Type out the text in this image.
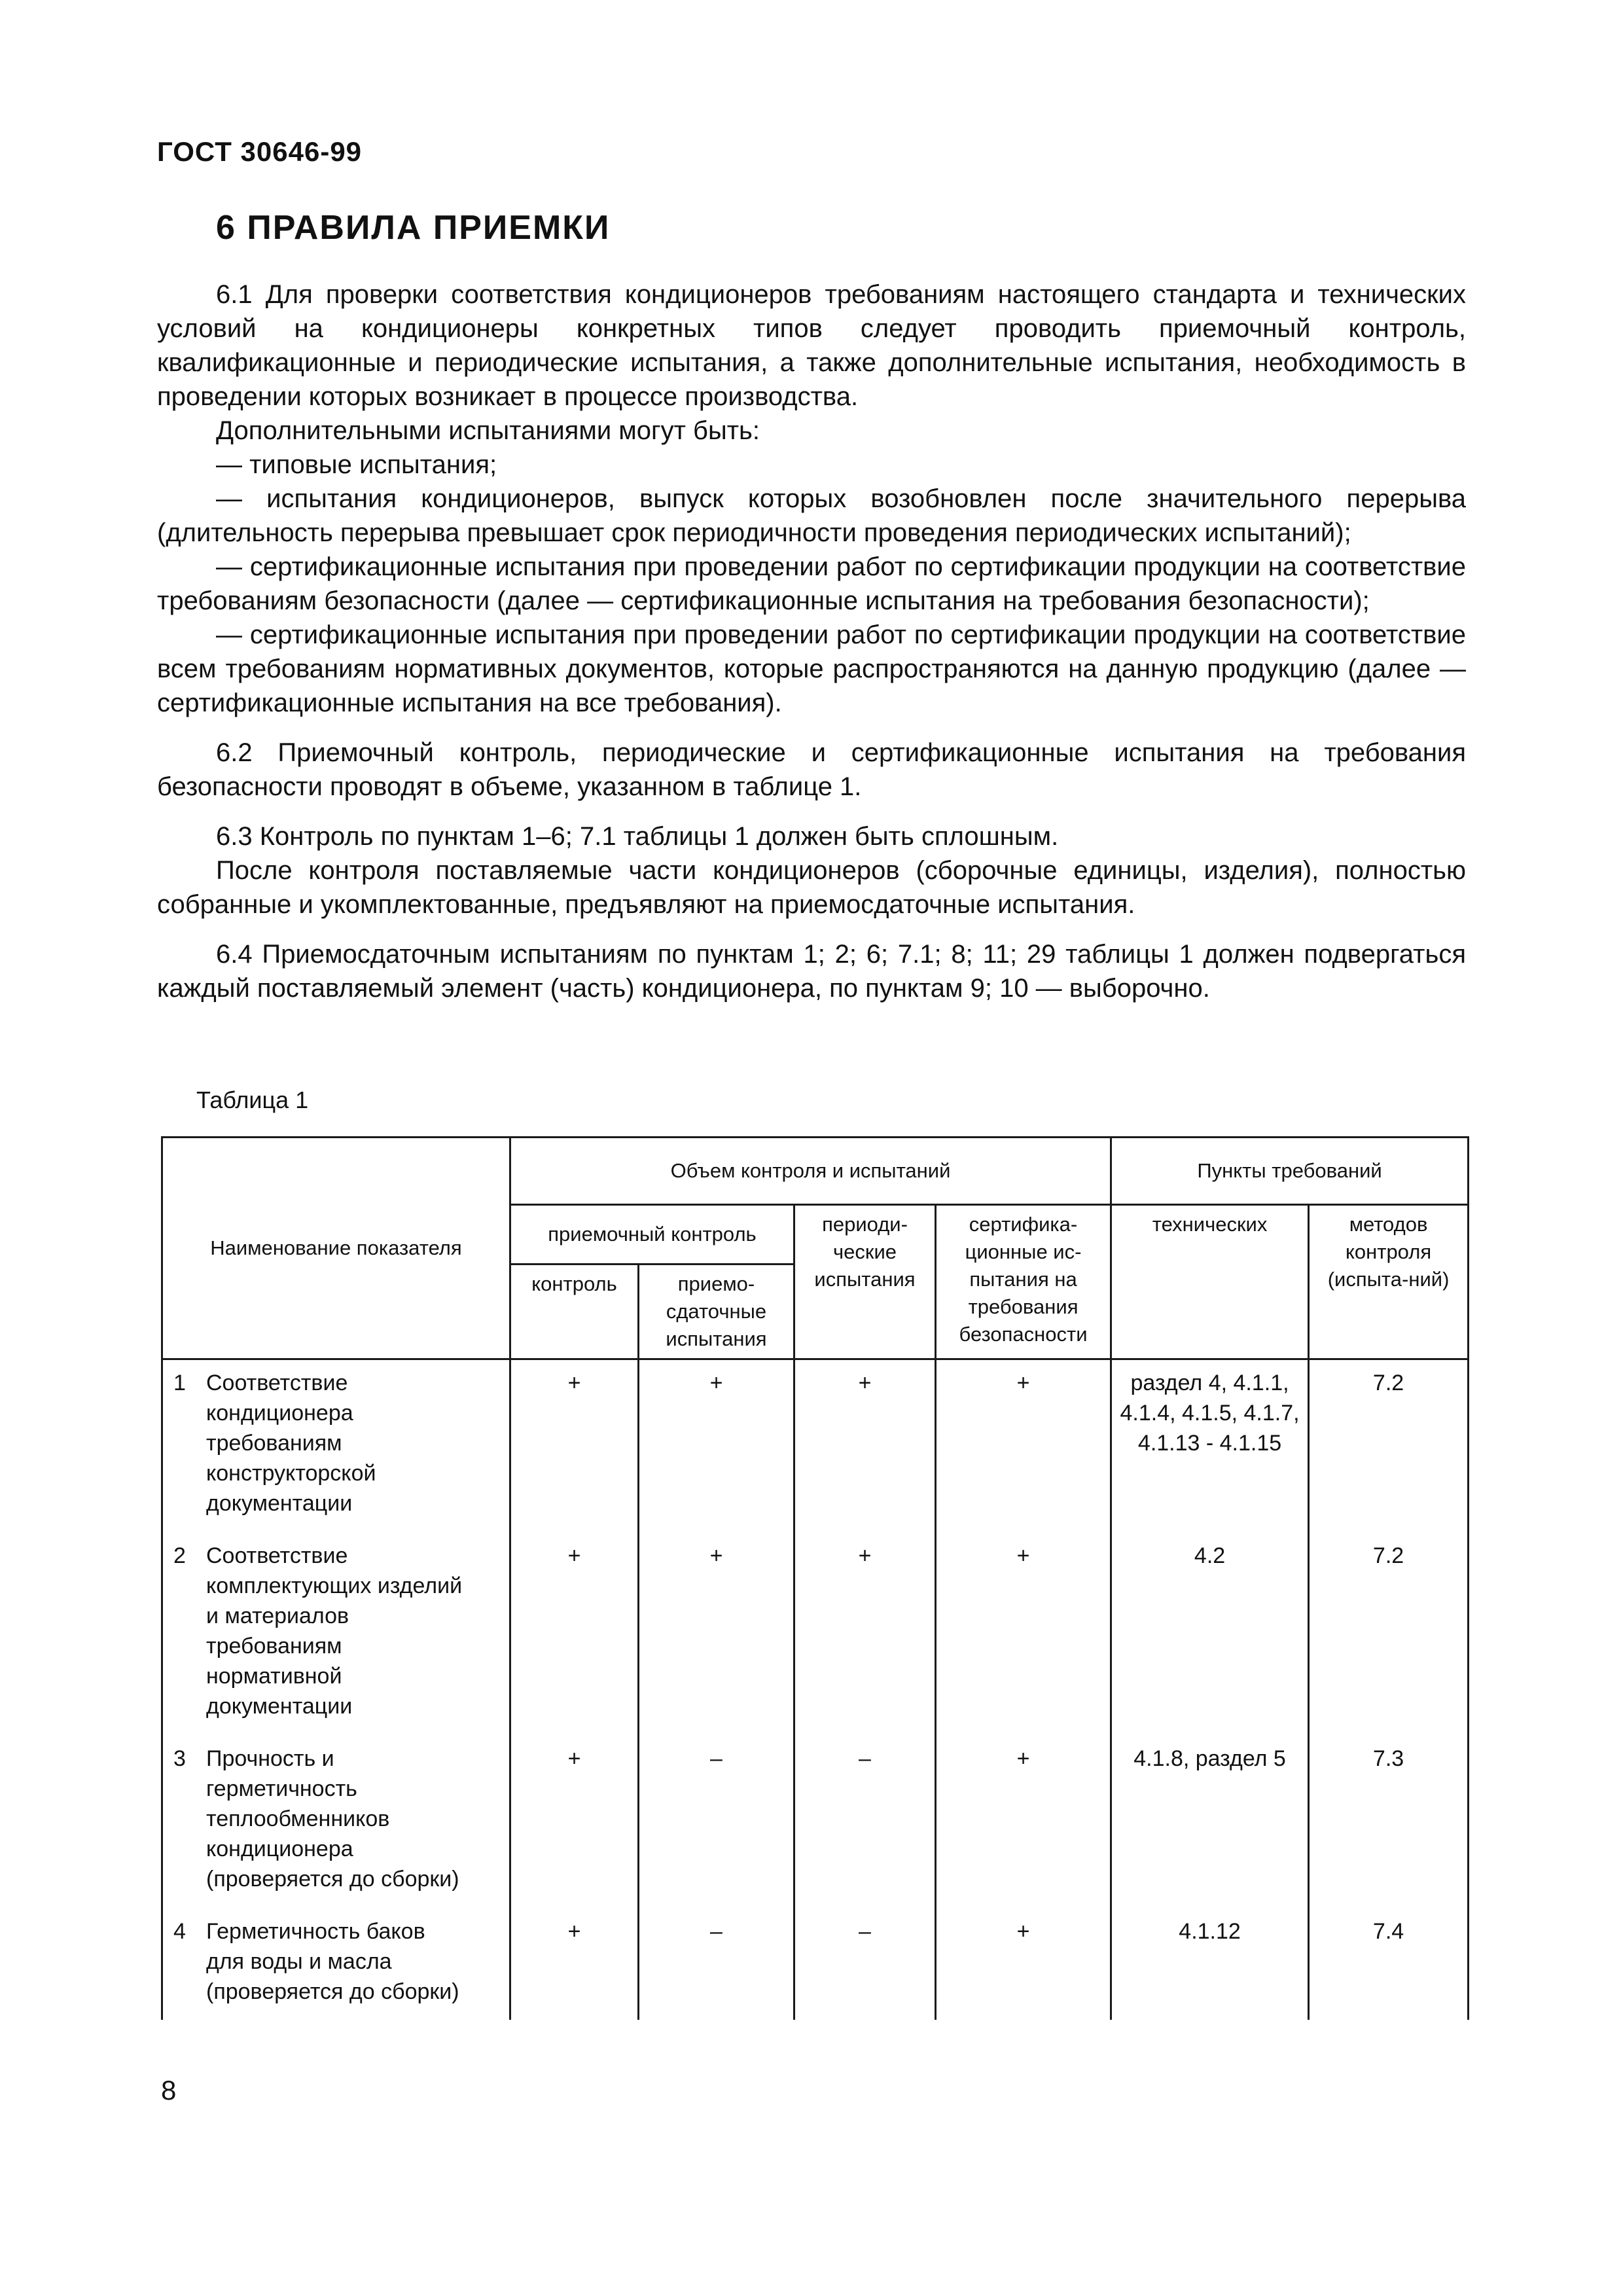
ГОСТ 30646-99
6 ПРАВИЛА ПРИЕМКИ

6.1 Для проверки соответствия кондиционеров требованиям настоящего стандарта и технических условий на кондиционеры конкретных типов следует проводить приемочный контроль, квалификационные и периодические испытания, а также дополнительные испытания, необходимость в проведении которых возникает в процессе производства.

Дополнительными испытаниями могут быть:

— типовые испытания;

— испытания кондиционеров, выпуск которых возобновлен после значительного перерыва (длительность перерыва превышает срок периодичности проведения периодических испытаний);

— сертификационные испытания при проведении работ по сертификации продукции на соответствие требованиям безопасности (далее — сертификационные испытания на требования безопасности);

— сертификационные испытания при проведении работ по сертификации продукции на соответствие всем требованиям нормативных документов, которые распространяются на данную продукцию (далее — сертификационные испытания на все требования).

6.2 Приемочный контроль, периодические и сертификационные испытания на требования безопасности проводят в объеме, указанном в таблице 1.

6.3 Контроль по пунктам 1–6; 7.1 таблицы 1 должен быть сплошным.

После контроля поставляемые части кондиционеров (сборочные единицы, изделия), полностью собранные и укомплектованные, предъявляют на приемосдаточные испытания.

6.4 Приемосдаточным испытаниям по пунктам 1; 2; 6; 7.1; 8; 11; 29 таблицы 1 должен подвергаться каждый поставляемый элемент (часть) кондиционера, по пунктам 9; 10 — выборочно.

Таблица 1
Наименование показателя	Объем контроля и испытаний				Пункты требований	
	приемочный контроль		периоди-ческие испытания	сертифика-ционные ис-пытания на требования безопасности	технических	методов контроля (испыта-ний)
	контроль	приемо-сдаточные испытания				
1 Соответствие кондиционера требованиям конструкторской документации	+	+	+	+	раздел 4, 4.1.1, 4.1.4, 4.1.5, 4.1.7, 4.1.13 - 4.1.15	7.2
2 Соответствие комплектующих изделий и материалов требованиям нормативной документации	+	+	+	+	4.2	7.2
3 Прочность и герметичность теплообменников кондиционера (проверяется до сборки)	+	–	–	+	4.1.8, раздел 5	7.3
4 Герметичность баков для воды и масла (проверяется до сборки)	+	–	–	+	4.1.12	7.4
8
